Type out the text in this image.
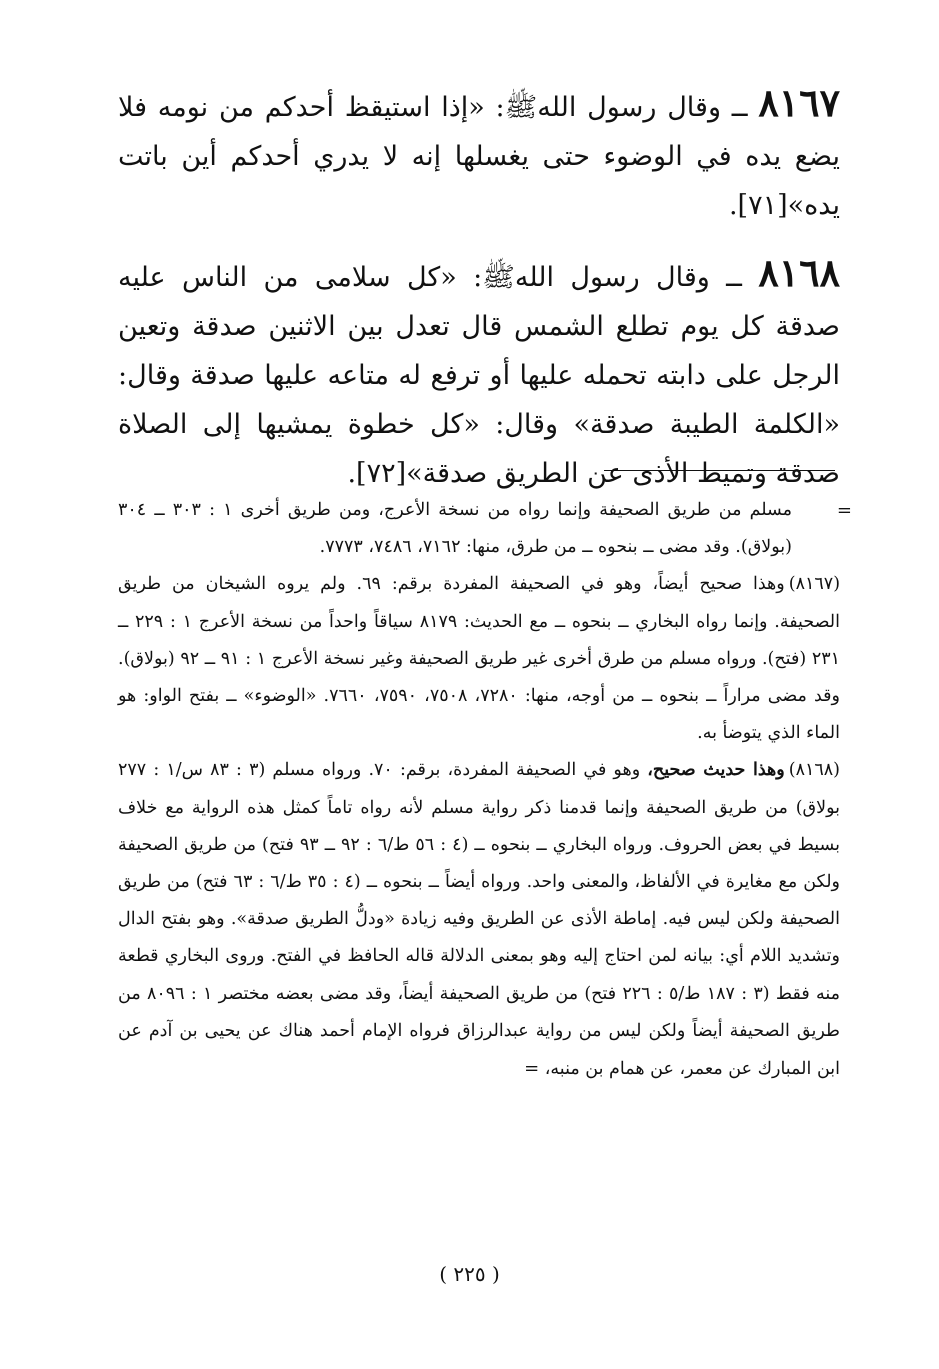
٨١٦٧ ــ وقال رسول اللهﷺ: «إذا استيقظ أحدكم من نومه فلا يضع يده في الوضوء حتى يغسلها إنه لا يدري أحدكم أين باتت يده»[٧١].

٨١٦٨ ــ وقال رسول اللهﷺ: «كل سلامى من الناس عليه صدقة كل يوم تطلع الشمس قال تعدل بين الاثنين صدقة وتعين الرجل على دابته تحمله عليها أو ترفع له متاعه عليها صدقة وقال: «الكلمة الطيبة صدقة» وقال: «كل خطوة يمشيها إلى الصلاة صدقة وتميط الأذى عن الطريق صدقة»[٧٢].

=
مسلم من طريق الصحيفة وإنما رواه من نسخة الأعرج، ومن طريق أخرى ١ : ٣٠٣ ــ ٣٠٤ (بولاق). وقد مضى ــ بنحوه ــ من طرق، منها: ٧١٦٢، ٧٤٨٦، ٧٧٧٣.

(٨١٦٧)وهذا صحيح أيضاً، وهو في الصحيفة المفردة برقم: ٦٩. ولم يروه الشيخان من طريق الصحيفة. وإنما رواه البخاري ــ بنحوه ــ مع الحديث: ٨١٧٩ سياقاً واحداً من نسخة الأعرج ١ : ٢٢٩ ــ ٢٣١ (فتح). ورواه مسلم من طرق أخرى غير طريق الصحيفة وغير نسخة الأعرج ١ : ٩١ ــ ٩٢ (بولاق). وقد مضى مراراً ــ بنحوه ــ من أوجه، منها: ٧٢٨٠، ٧٥٠٨، ٧٥٩٠، ٧٦٦٠. «الوضوء» ــ بفتح الواو: هو الماء الذي يتوضأ به.

(٨١٦٨)وهذا حديث صحيح، وهو في الصحيفة المفردة، برقم: ٧٠. ورواه مسلم (٣ : ٨٣ س/١ : ٢٧٧ بولاق) من طريق الصحيفة وإنما قدمنا ذكر رواية مسلم لأنه رواه تاماً كمثل هذه الرواية مع خلاف بسيط في بعض الحروف. ورواه البخاري ــ بنحوه ــ (٤ : ٥٦ ط/٦ : ٩٢ ــ ٩٣ فتح) من طريق الصحيفة ولكن مع مغايرة في الألفاظ، والمعنى واحد. ورواه أيضاً ــ بنحوه ــ (٤ : ٣٥ ط/٦ : ٦٣ فتح) من طريق الصحيفة ولكن ليس فيه. إماطة الأذى عن الطريق وفيه زيادة «ودلُّ الطريق صدقة». وهو بفتح الدال وتشديد اللام أي: بيانه لمن احتاج إليه وهو بمعنى الدلالة قاله الحافظ في الفتح. وروى البخاري قطعة منه فقط (٣ : ١٨٧ ط/٥ : ٢٢٦ فتح) من طريق الصحيفة أيضاً، وقد مضى بعضه مختصر ١ : ٨٠٩٦ من طريق الصحيفة أيضاً ولكن ليس من رواية عبدالرزاق فرواه الإمام أحمد هناك عن يحيى بن آدم عن ابن المبارك عن معمر، عن همام بن منبه، =

( ٢٢٥ )
